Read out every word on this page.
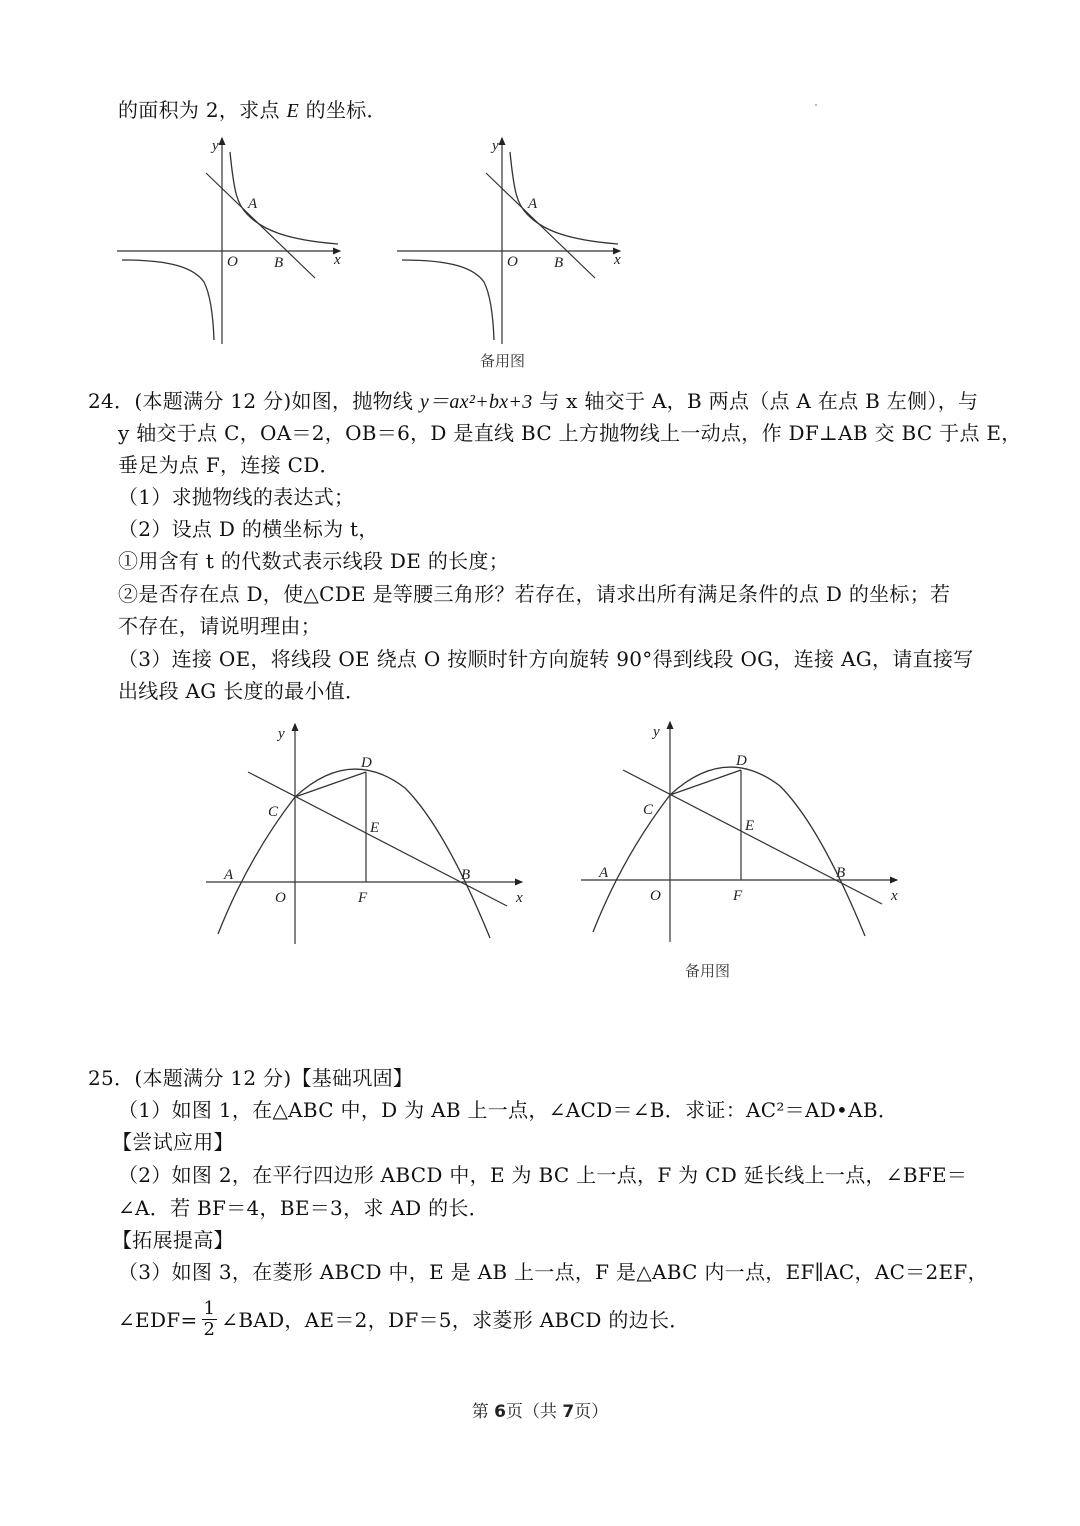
的面积为 2，求点 E 的坐标．
y
x
O
A
B
y
x
O
A
B
备用图
24．(本题满分 12 分)如图，抛物线 y＝ax²+bx+3 与 x 轴交于 A，B 两点（点 A 在点 B 左侧），与
y 轴交于点 C，OA＝2，OB＝6，D 是直线 BC 上方抛物线上一动点，作 DF⊥AB 交 BC 于点 E，
垂足为点 F，连接 CD．
（1）求抛物线的表达式；
（2）设点 D 的横坐标为 t，
①用含有 t 的代数式表示线段 DE 的长度；
②是否存在点 D，使△CDE 是等腰三角形？若存在，请求出所有满足条件的点 D 的坐标；若
不存在，请说明理由；
（3）连接 OE，将线段 OE 绕点 O 按顺时针方向旋转 90°得到线段 OG，连接 AG，请直接写
出线段 AG 长度的最小值．
y
x
O
A	B
C
D
E
F
y
x
O
A	B
C
D
E
F
备用图
25．(本题满分 12 分)【基础巩固】
（1）如图 1，在△ABC 中，D 为 AB 上一点，∠ACD＝∠B．求证：AC²＝AD•AB．
【尝试应用】
（2）如图 2，在平行四边形 ABCD 中，E 为 BC 上一点，F 为 CD 延长线上一点，∠BFE＝
∠A．若 BF＝4，BE＝3，求 AD 的长．
【拓展提高】
（3）如图 3，在菱形 ABCD 中，E 是 AB 上一点，F 是△ABC 内一点，EF∥AC，AC＝2EF，
∠EDF= $\frac{1}{2}$ ∠BAD，AE＝2，DF＝5，求菱形 ABCD 的边长．
第 6页（共 7页）
